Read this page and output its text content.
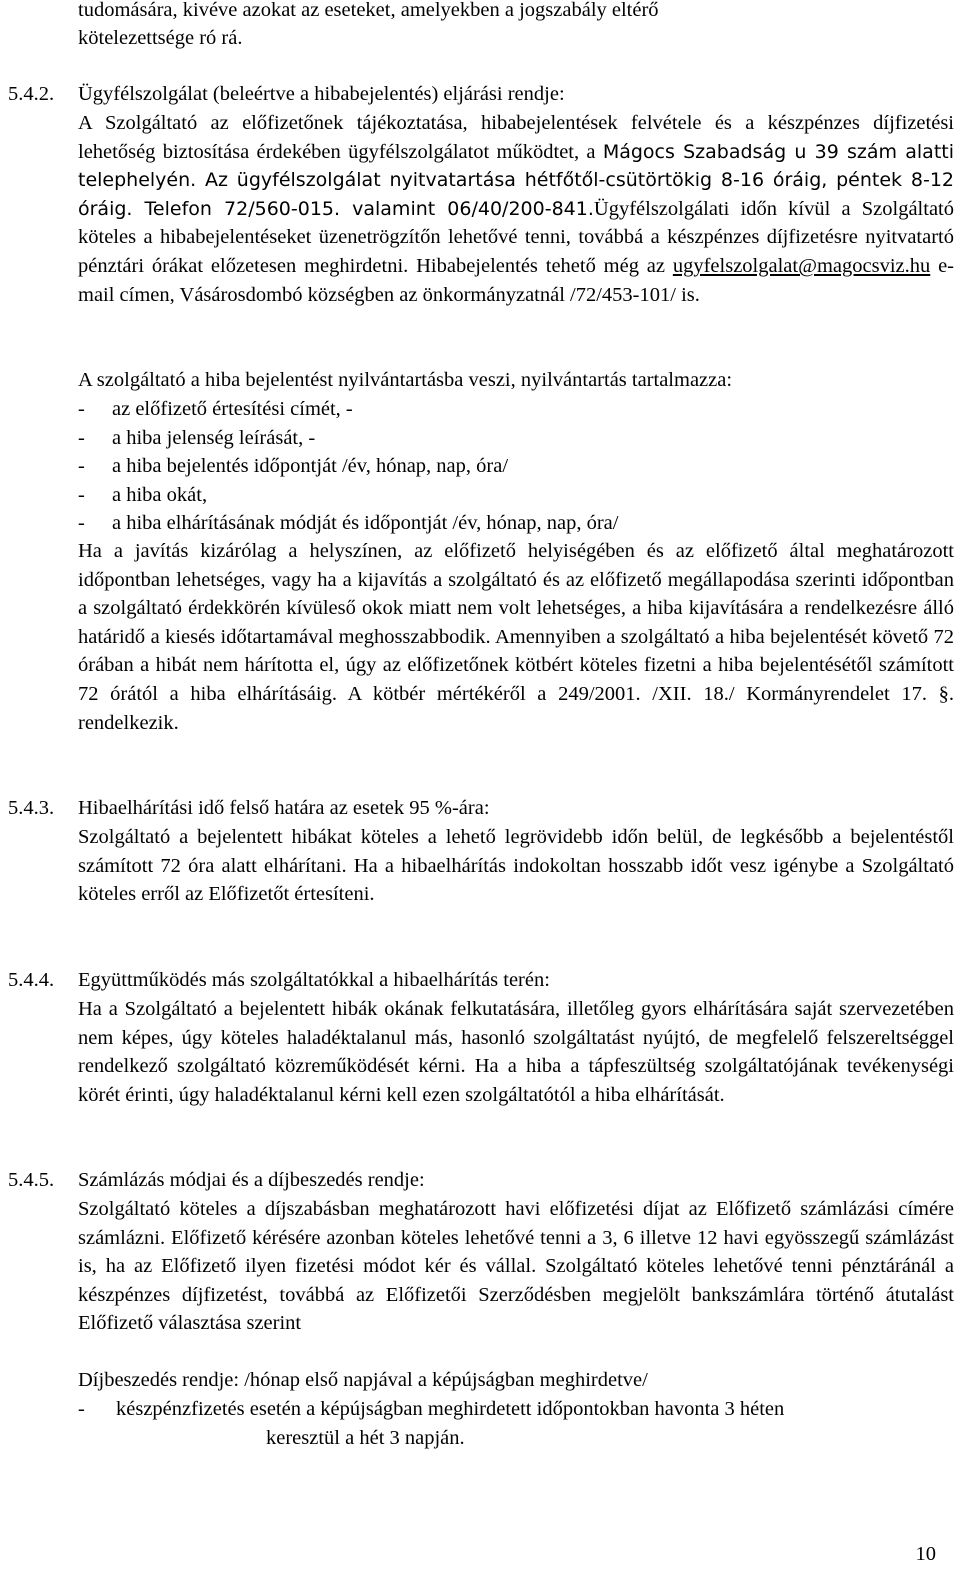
tudomására, kivéve azokat az eseteket, amelyekben a jogszabály eltérő
kötelezettsége ró rá.
5.4.2. Ügyfélszolgálat (beleértve a hibabejelentés) eljárási rendje:
A Szolgáltató az előfizetőnek tájékoztatása, hibabejelentések felvétele és a készpénzes díjfizetési lehetőség biztosítása érdekében ügyfélszolgálatot működtet, a Mágocs Szabadság u 39 szám alatti telephelyén. Az ügyfélszolgálat nyitvatartása hétfőtől-csütörtökig 8-16 óráig, péntek 8-12 óráig. Telefon 72/560-015. valamint 06/40/200-841.Ügyfélszolgálati időn kívül a Szolgáltató köteles a hibabejelentéseket üzenetrögzítőn lehetővé tenni, továbbá a készpénzes díjfizetésre nyitvatartó pénztári órákat előzetesen meghirdetni. Hibabejelentés tehető még az ugyfelszolgalat@magocsviz.hu e-mail címen, Vásárosdombó községben az önkormányzatnál /72/453-101/ is.
A szolgáltató a hiba bejelentést nyilvántartásba veszi, nyilvántartás tartalmazza:
- az előfizető értesítési címét, -
- a hiba jelenség leírását, -
- a hiba bejelentés időpontját /év, hónap, nap, óra/
- a hiba okát,
- a hiba elhárításának módját és időpontját /év, hónap, nap, óra/
Ha a javítás kizárólag a helyszínen, az előfizető helyiségében és az előfizető által meghatározott időpontban lehetséges, vagy ha a kijavítás a szolgáltató és az előfizető megállapodása szerinti időpontban a szolgáltató érdekkörén kívüleső okok miatt nem volt lehetséges, a hiba kijavítására a rendelkezésre álló határidő a kiesés időtartamával meghosszabbodik. Amennyiben a szolgáltató a hiba bejelentését követő 72 órában a hibát nem hárította el, úgy az előfizetőnek kötbért köteles fizetni a hiba bejelentésétől számított 72 órától a hiba elhárításáig. A kötbér mértékéről a 249/2001. /XII. 18./ Kormányrendelet 17. §. rendelkezik.
5.4.3. Hibaelhárítási idő felső határa az esetek 95 %-ára:
Szolgáltató a bejelentett hibákat köteles a lehető legrövidebb időn belül, de legkésőbb a bejelentéstől számított 72 óra alatt elhárítani. Ha a hibaelhárítás indokoltan hosszabb időt vesz igénybe a Szolgáltató köteles erről az Előfizetőt értesíteni.
5.4.4. Együttműködés más szolgáltatókkal a hibaelhárítás terén:
Ha a Szolgáltató a bejelentett hibák okának felkutatására, illetőleg gyors elhárítására saját szervezetében nem képes, úgy köteles haladéktalanul más, hasonló szolgáltatást nyújtó, de megfelelő felszereltséggel rendelkező szolgáltató közreműködését kérni. Ha a hiba a tápfeszültség szolgáltatójának tevékenységi körét érinti, úgy haladéktalanul kérni kell ezen szolgáltatótól a hiba elhárítását.
5.4.5. Számlázás módjai és a díjbeszedés rendje:
Szolgáltató köteles a díjszabásban meghatározott havi előfizetési díjat az Előfizető számlázási címére számlázni. Előfizető kérésére azonban köteles lehetővé tenni a 3, 6 illetve 12 havi egyösszegű számlázást is, ha az Előfizető ilyen fizetési módot kér és vállal. Szolgáltató köteles lehetővé tenni pénztáránál a készpénzes díjfizetést, továbbá az Előfizetői Szerződésben megjelölt bankszámlára történő átutalást Előfizető választása szerint
Díjbeszedés rendje: /hónap első napjával a képújságban meghirdetve/
- készpénzfizetés esetén a képújságban meghirdetett időpontokban havonta 3 héten
keresztül a hét 3 napján.
10
